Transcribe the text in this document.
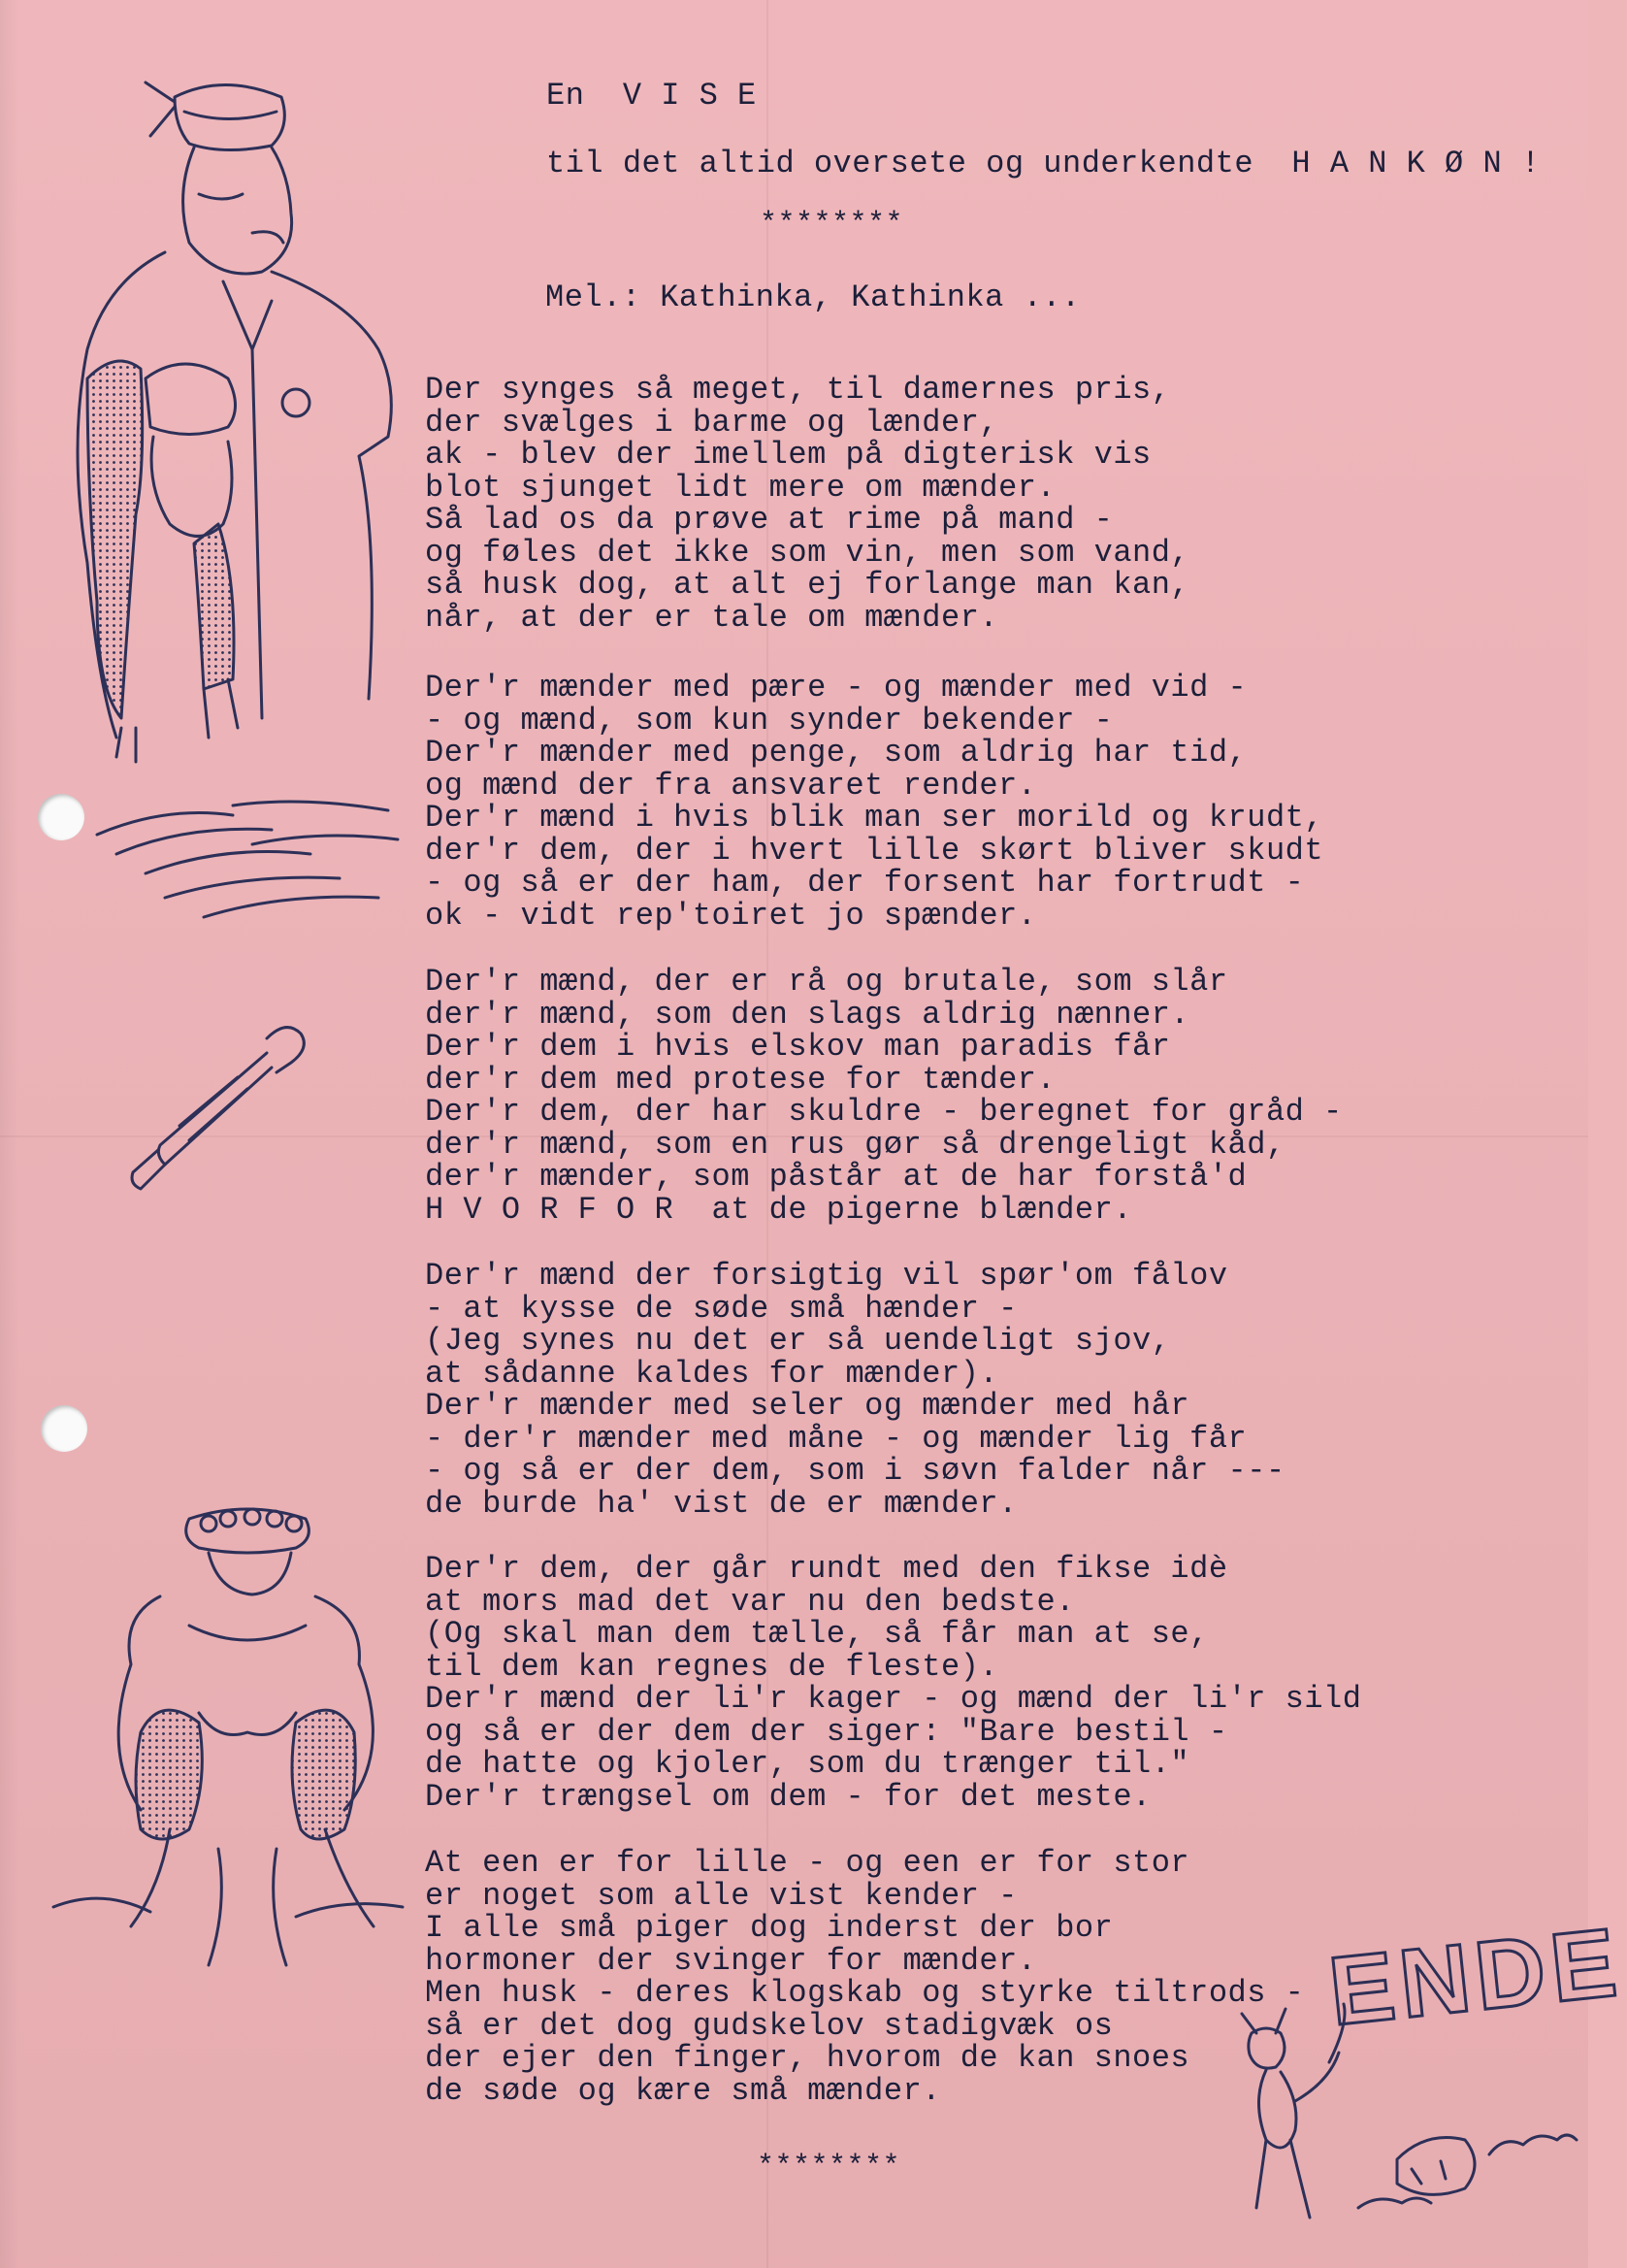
En  V I S E

til det altid oversete og underkendte  H A N K Ø N !

********

Mel.: Kathinka, Kathinka ...

Der synges så meget, til damernes pris,
der svælges i barme og lænder,
ak - blev der imellem på digterisk vis
blot sjunget lidt mere om mænder.
Så lad os da prøve at rime på mand -
og føles det ikke som vin, men som vand,
så husk dog, at alt ej forlange man kan,
når, at der er tale om mænder.
Der'r mænder med pære - og mænder med vid -
- og mænd, som kun synder bekender -
Der'r mænder med penge, som aldrig har tid,
og mænd der fra ansvaret render.
Der'r mænd i hvis blik man ser morild og krudt,
der'r dem, der i hvert lille skørt bliver skudt
- og så er der ham, der forsent har fortrudt -
ok - vidt rep'toiret jo spænder.
Der'r mænd, der er rå og brutale, som slår
der'r mænd, som den slags aldrig nænner.
Der'r dem i hvis elskov man paradis får
der'r dem med protese for tænder.
Der'r dem, der har skuldre - beregnet for gråd -
der'r mænd, som en rus gør så drengeligt kåd,
der'r mænder, som påstår at de har forstå'd
H V O R F O R  at de pigerne blænder.
Der'r mænd der forsigtig vil spør'om fålov
- at kysse de søde små hænder -
(Jeg synes nu det er så uendeligt sjov,
at sådanne kaldes for mænder).
Der'r mænder med seler og mænder med hår
- der'r mænder med måne - og mænder lig får
- og så er der dem, som i søvn falder når ---
de burde ha' vist de er mænder.
Der'r dem, der går rundt med den fikse idè
at mors mad det var nu den bedste.
(Og skal man dem tælle, så får man at se,
til dem kan regnes de fleste).
Der'r mænd der li'r kager - og mænd der li'r sild
og så er der dem der siger: "Bare bestil -
de hatte og kjoler, som du trænger til."
Der'r trængsel om dem - for det meste.
At een er for lille - og een er for stor
er noget som alle vist kender -
I alle små piger dog inderst der bor
hormoner der svinger for mænder.
Men husk - deres klogskab og styrke tiltrods -
så er det dog gudskelov stadigvæk os
der ejer den finger, hvorom de kan snoes
de søde og kære små mænder.
ENDE

********
